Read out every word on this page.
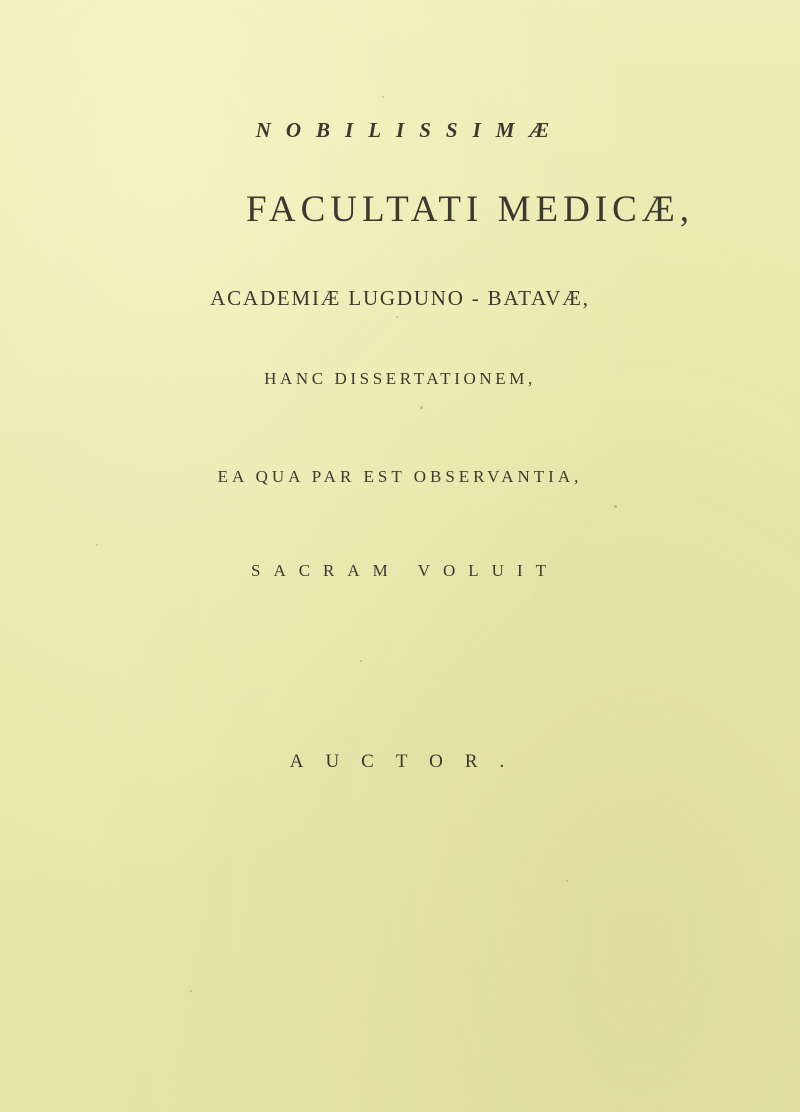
NOBILISSIMÆ
FACULTATI MEDICÆ,
ACADEMIÆ LUGDUNO - BATAVÆ,
HANC DISSERTATIONEM,
EA QUA PAR EST OBSERVANTIA,
SACRAM VOLUIT
AUCTOR.
